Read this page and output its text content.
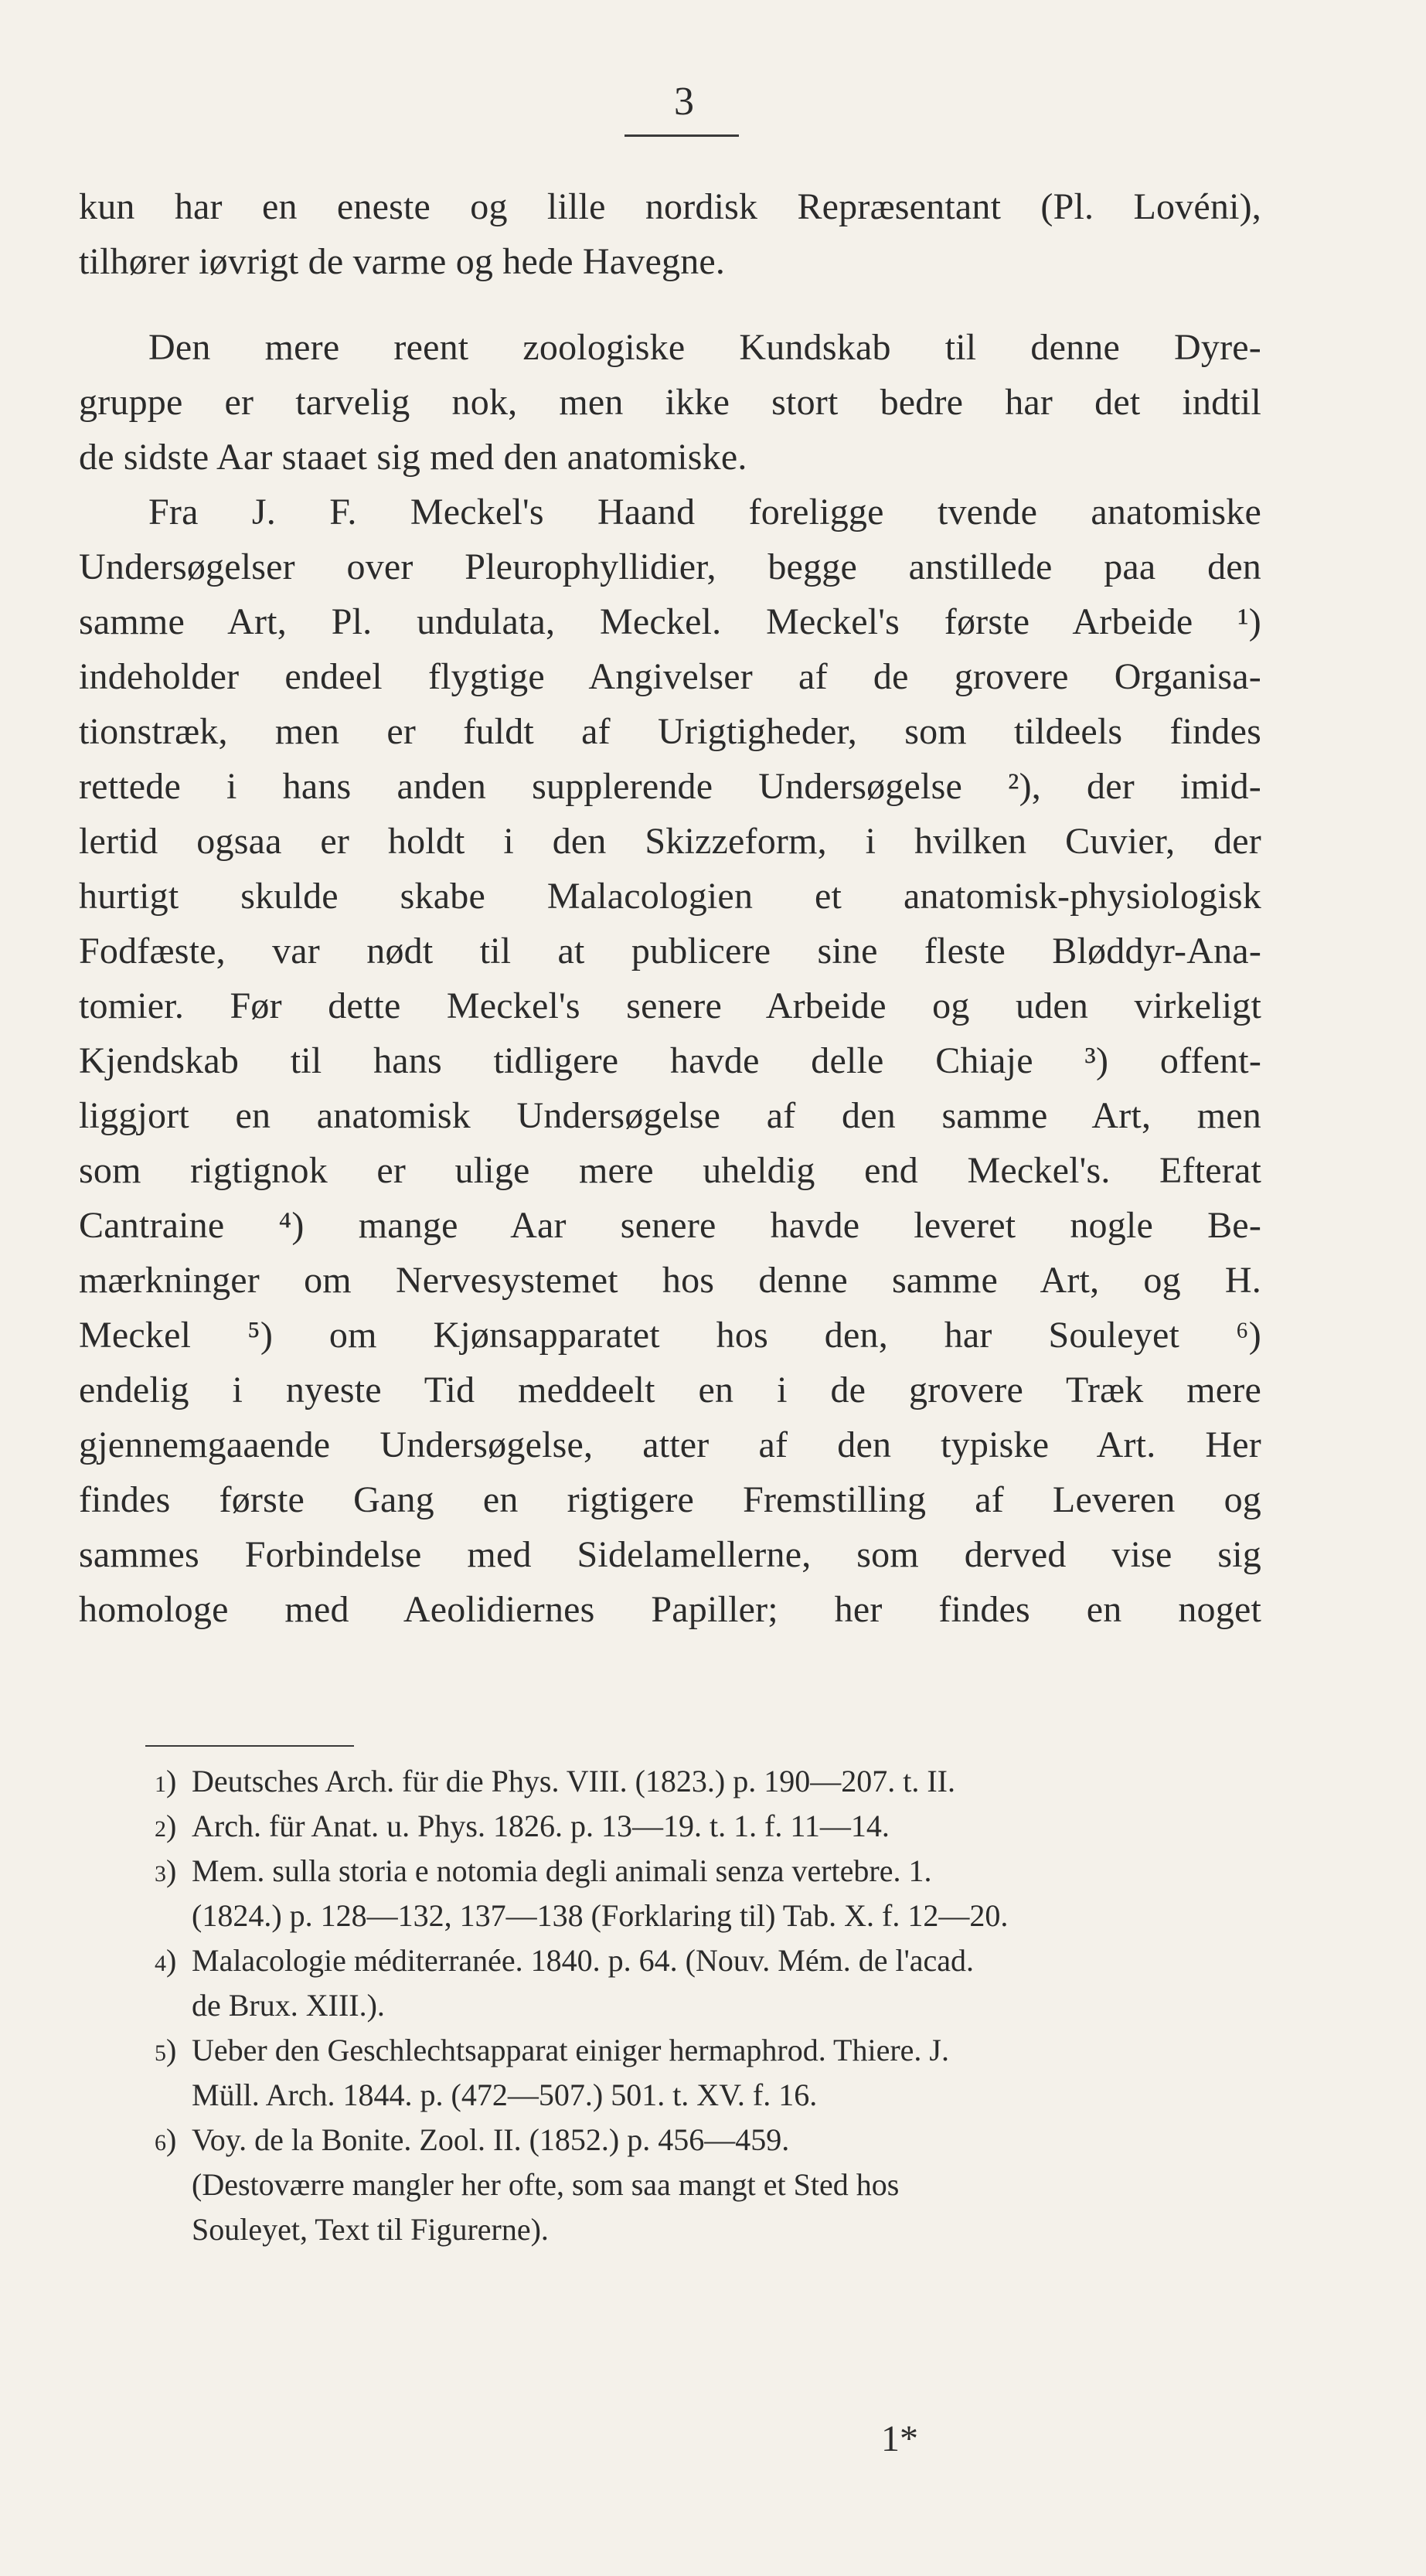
3
kun har en eneste og lille nordisk Repræsentant (Pl. Lovéni),
tilhører iøvrigt de varme og hede Havegne.
Den mere reent zoologiske Kundskab til denne Dyre-
gruppe er tarvelig nok, men ikke stort bedre har det indtil
de sidste Aar staaet sig med den anatomiske.
Fra J. F. Meckel's Haand foreligge tvende anatomiske
Undersøgelser over Pleurophyllidier, begge anstillede paa den
samme Art, Pl. undulata, Meckel. Meckel's første Arbeide ¹)
indeholder endeel flygtige Angivelser af de grovere Organisa-
tionstræk, men er fuldt af Urigtigheder, som tildeels findes
rettede i hans anden supplerende Undersøgelse ²), der imid-
lertid ogsaa er holdt i den Skizzeform, i hvilken Cuvier, der
hurtigt skulde skabe Malacologien et anatomisk-physiologisk
Fodfæste, var nødt til at publicere sine fleste Bløddyr-Ana-
tomier. Før dette Meckel's senere Arbeide og uden virkeligt
Kjendskab til hans tidligere havde delle Chiaje ³) offent-
liggjort en anatomisk Undersøgelse af den samme Art, men
som rigtignok er ulige mere uheldig end Meckel's. Efterat
Cantraine ⁴) mange Aar senere havde leveret nogle Be-
mærkninger om Nervesystemet hos denne samme Art, og H.
Meckel ⁵) om Kjønsapparatet hos den, har Souleyet ⁶)
endelig i nyeste Tid meddeelt en i de grovere Træk mere
gjennemgaaende Undersøgelse, atter af den typiske Art. Her
findes første Gang en rigtigere Fremstilling af Leveren og
sammes Forbindelse med Sidelamellerne, som derved vise sig
homologe med Aeolidiernes Papiller; her findes en noget
1 ) Deutsches Arch. für die Phys. VIII. (1823.) p. 190—207. t. II.
2 ) Arch. für Anat. u. Phys. 1826. p. 13—19. t. 1. f. 11—14.
3 ) Mem. sulla storia e notomia degli animali senza vertebre. 1.
(1824.) p. 128—132, 137—138 (Forklaring til) Tab. X. f. 12—20.
4 ) Malacologie méditerranée. 1840. p. 64. (Nouv. Mém. de l'acad.
de Brux. XIII.).
5 ) Ueber den Geschlechtsapparat einiger hermaphrod. Thiere. J.
Müll. Arch. 1844. p. (472—507.) 501. t. XV. f. 16.
6 ) Voy. de la Bonite. Zool. II. (1852.) p. 456—459.
(Destoværre mangler her ofte, som saa mangt et Sted hos
Souleyet, Text til Figurerne).
1*
